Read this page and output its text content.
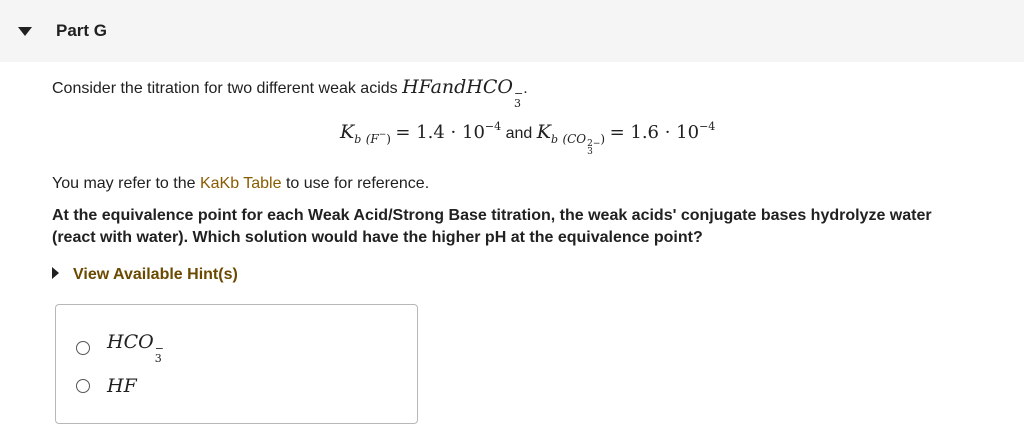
Part G
Consider the titration for two different weak acids HFandHCO −
3
.
$K_b$ $_{(F^-)} = 1.4 \cdot 10^{-4}$ and $K_b$ $_{(CO 2- 3 )} = 1.6 \cdot 10^{-4}$
You may refer to the KaKb Table to use for reference.
At the equivalence point for each Weak Acid/Strong Base titration, the weak acids' conjugate bases hydrolyze water
(react with water). Which solution would have the higher pH at the equivalence point?
View Available Hint(s)
HCO −
3
HF
